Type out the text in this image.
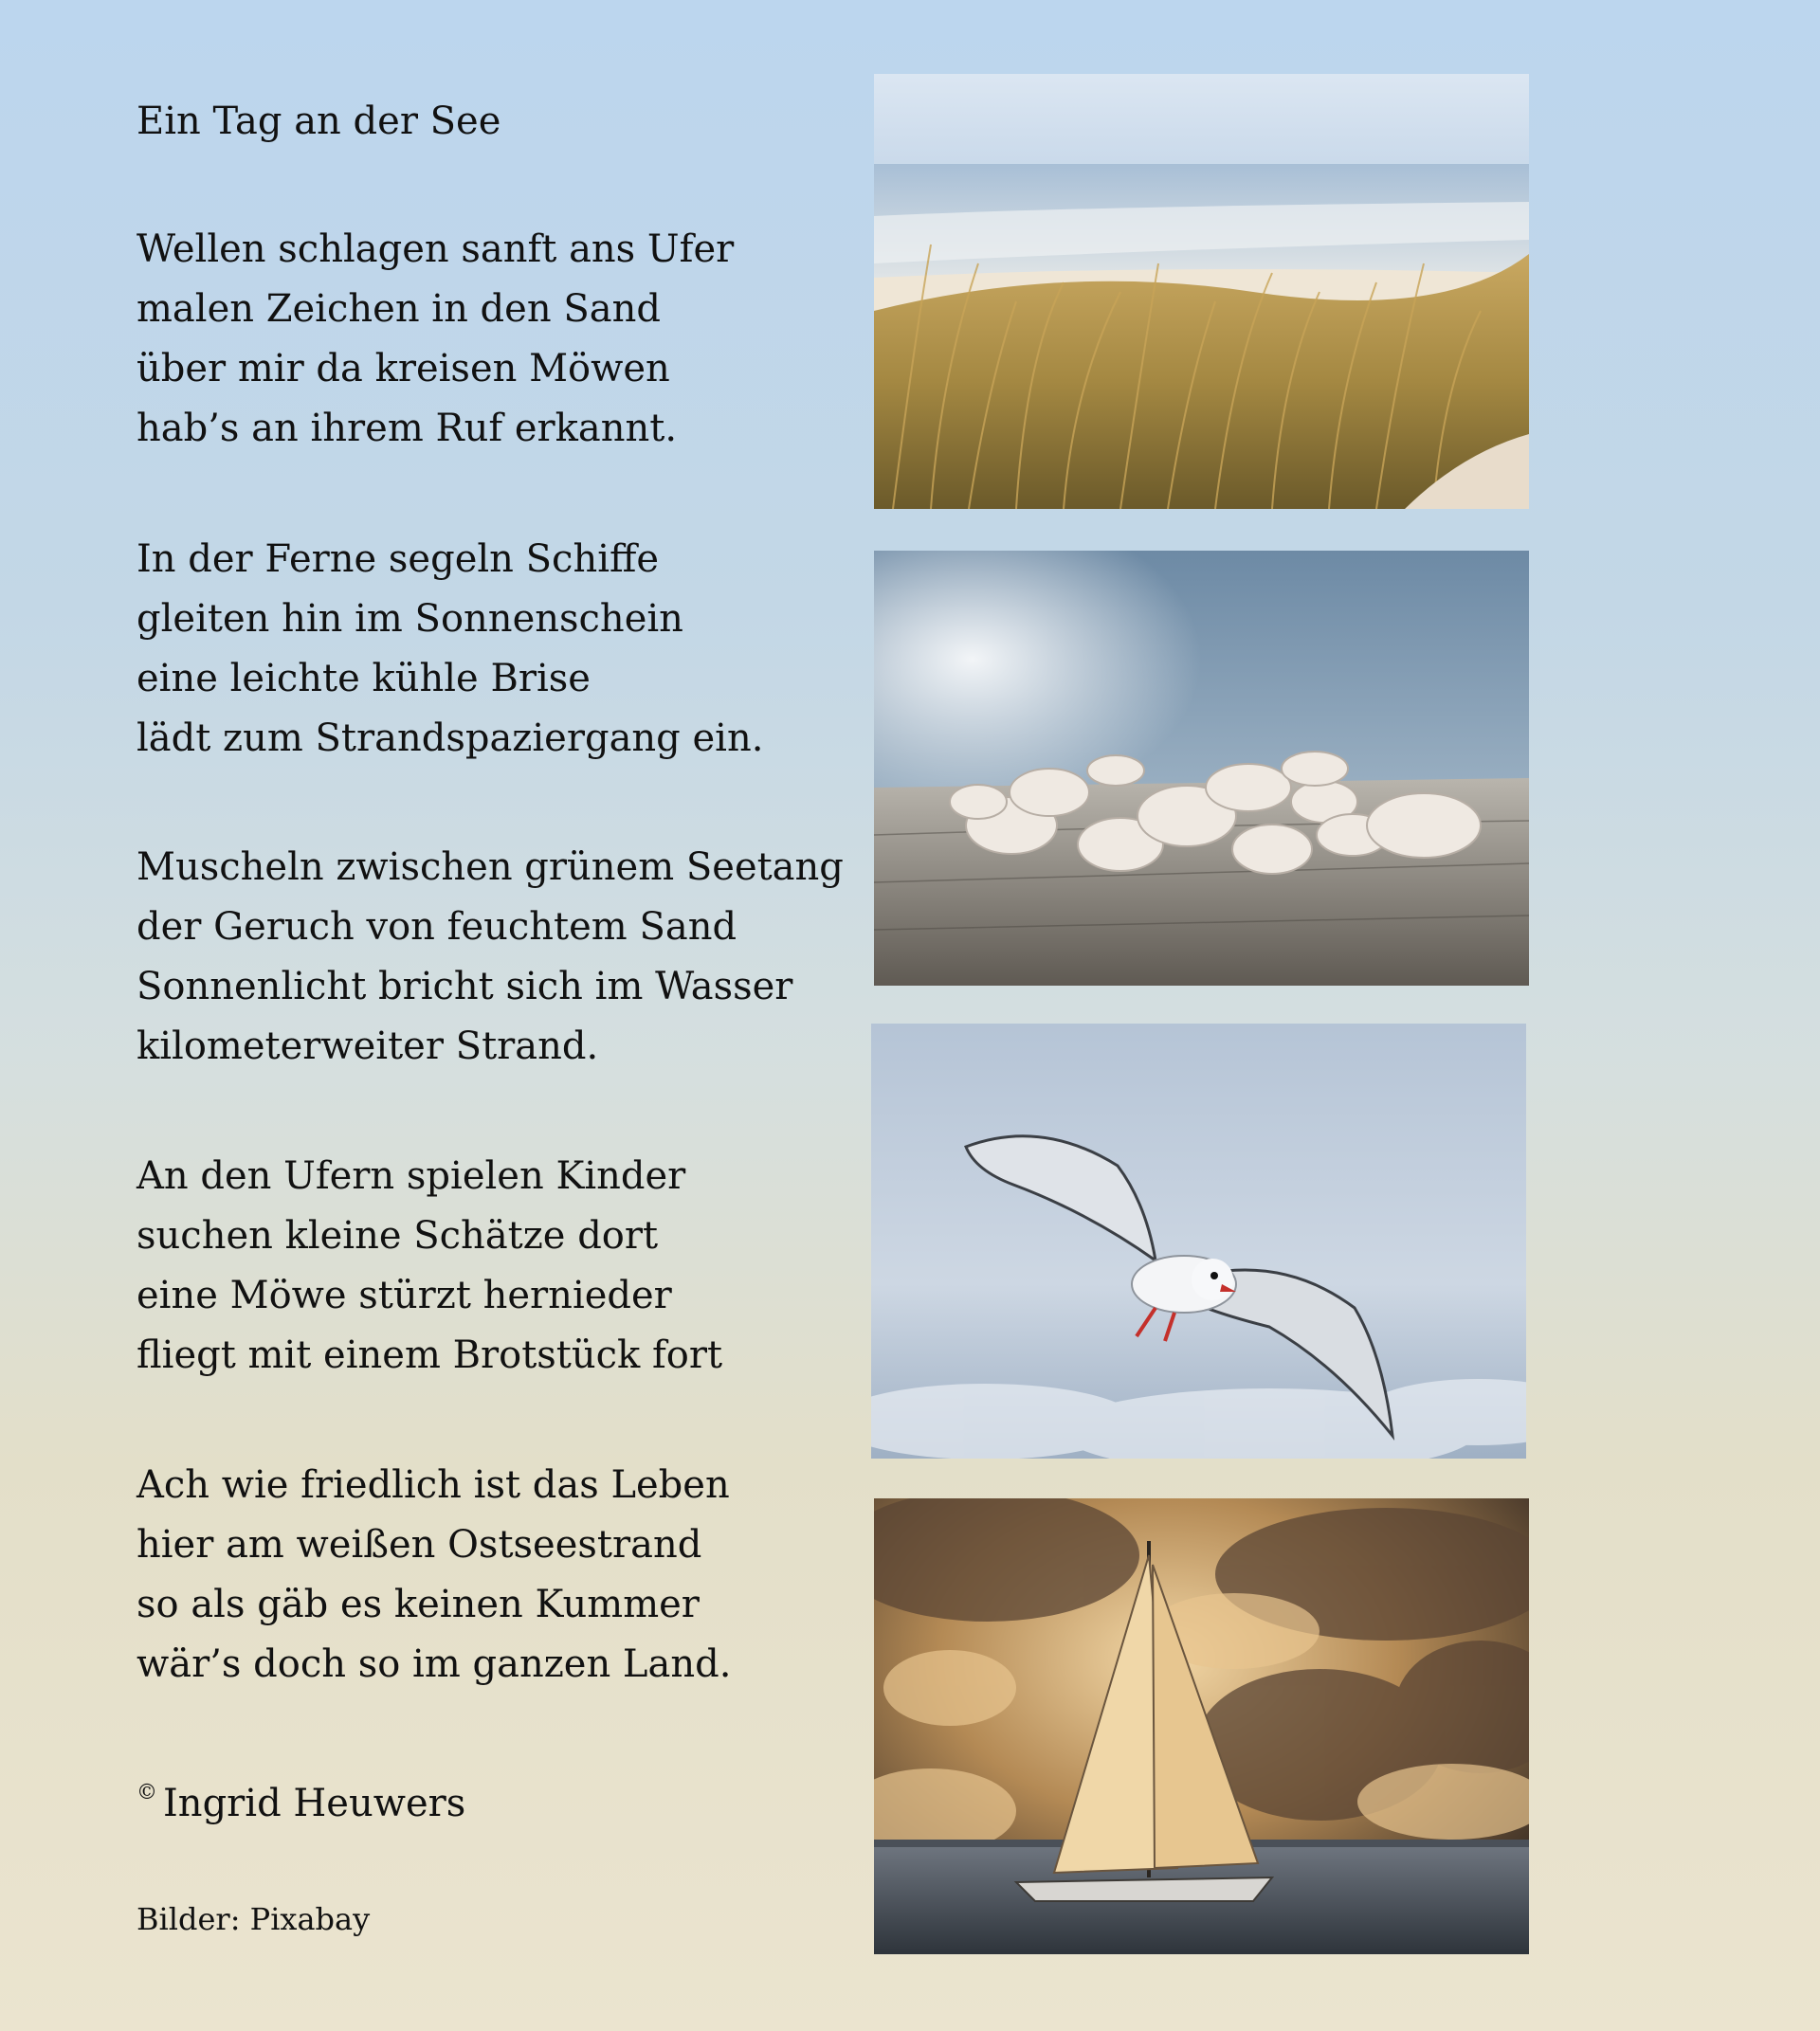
Ein Tag an der See
Wellen schlagen sanft ans Ufer
malen Zeichen in den Sand
über mir da kreisen Möwen
hab’s an ihrem Ruf erkannt.
In der Ferne segeln Schiffe
gleiten hin im Sonnenschein
eine leichte kühle Brise
lädt zum Strandspaziergang ein.
Muscheln zwischen grünem Seetang
der Geruch von feuchtem Sand
Sonnenlicht bricht sich im Wasser
kilometerweiter Strand.
An den Ufern spielen Kinder
suchen kleine Schätze dort
eine Möwe stürzt hernieder
fliegt mit einem Brotstück fort
Ach wie friedlich ist das Leben
hier am weißen Ostseestrand
so als gäb es keinen Kummer
wär’s doch so im ganzen Land.
© Ingrid Heuwers
Bilder: Pixabay
